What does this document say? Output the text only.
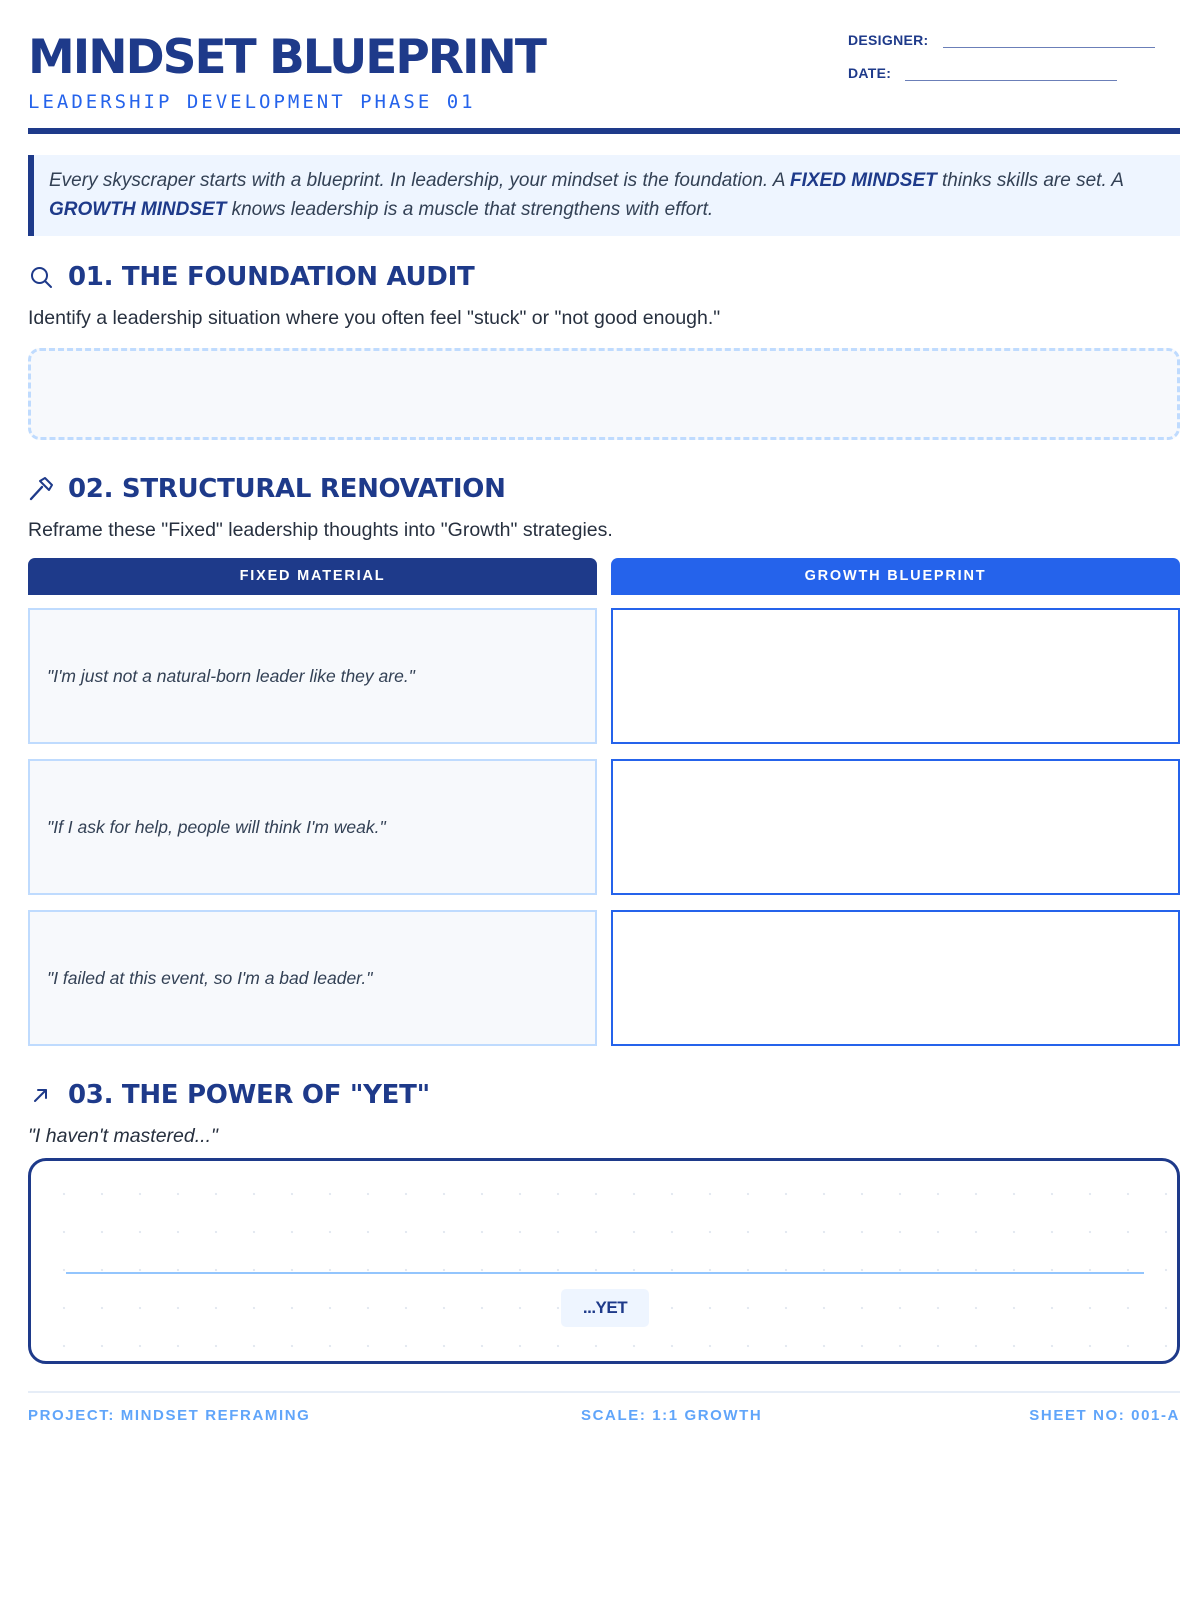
MINDSET BLUEPRINT
LEADERSHIP DEVELOPMENT PHASE 01
DESIGNER:
DATE:
Every skyscraper starts with a blueprint. In leadership, your mindset is the foundation. A FIXED MINDSET thinks skills are set. A GROWTH MINDSET knows leadership is a muscle that strengthens with effort.
01. THE FOUNDATION AUDIT
Identify a leadership situation where you often feel "stuck" or "not good enough."
02. STRUCTURAL RENOVATION
Reframe these "Fixed" leadership thoughts into "Growth" strategies.
FIXED MATERIAL	GROWTH BLUEPRINT
"I'm just not a natural-born leader like they are."
"If I ask for help, people will think I'm weak."
"I failed at this event, so I'm a bad leader."
03. THE POWER OF "YET"
"I haven't mastered..."
...YET
PROJECT: MINDSET REFRAMING	SCALE: 1:1 GROWTH	SHEET NO: 001-A
